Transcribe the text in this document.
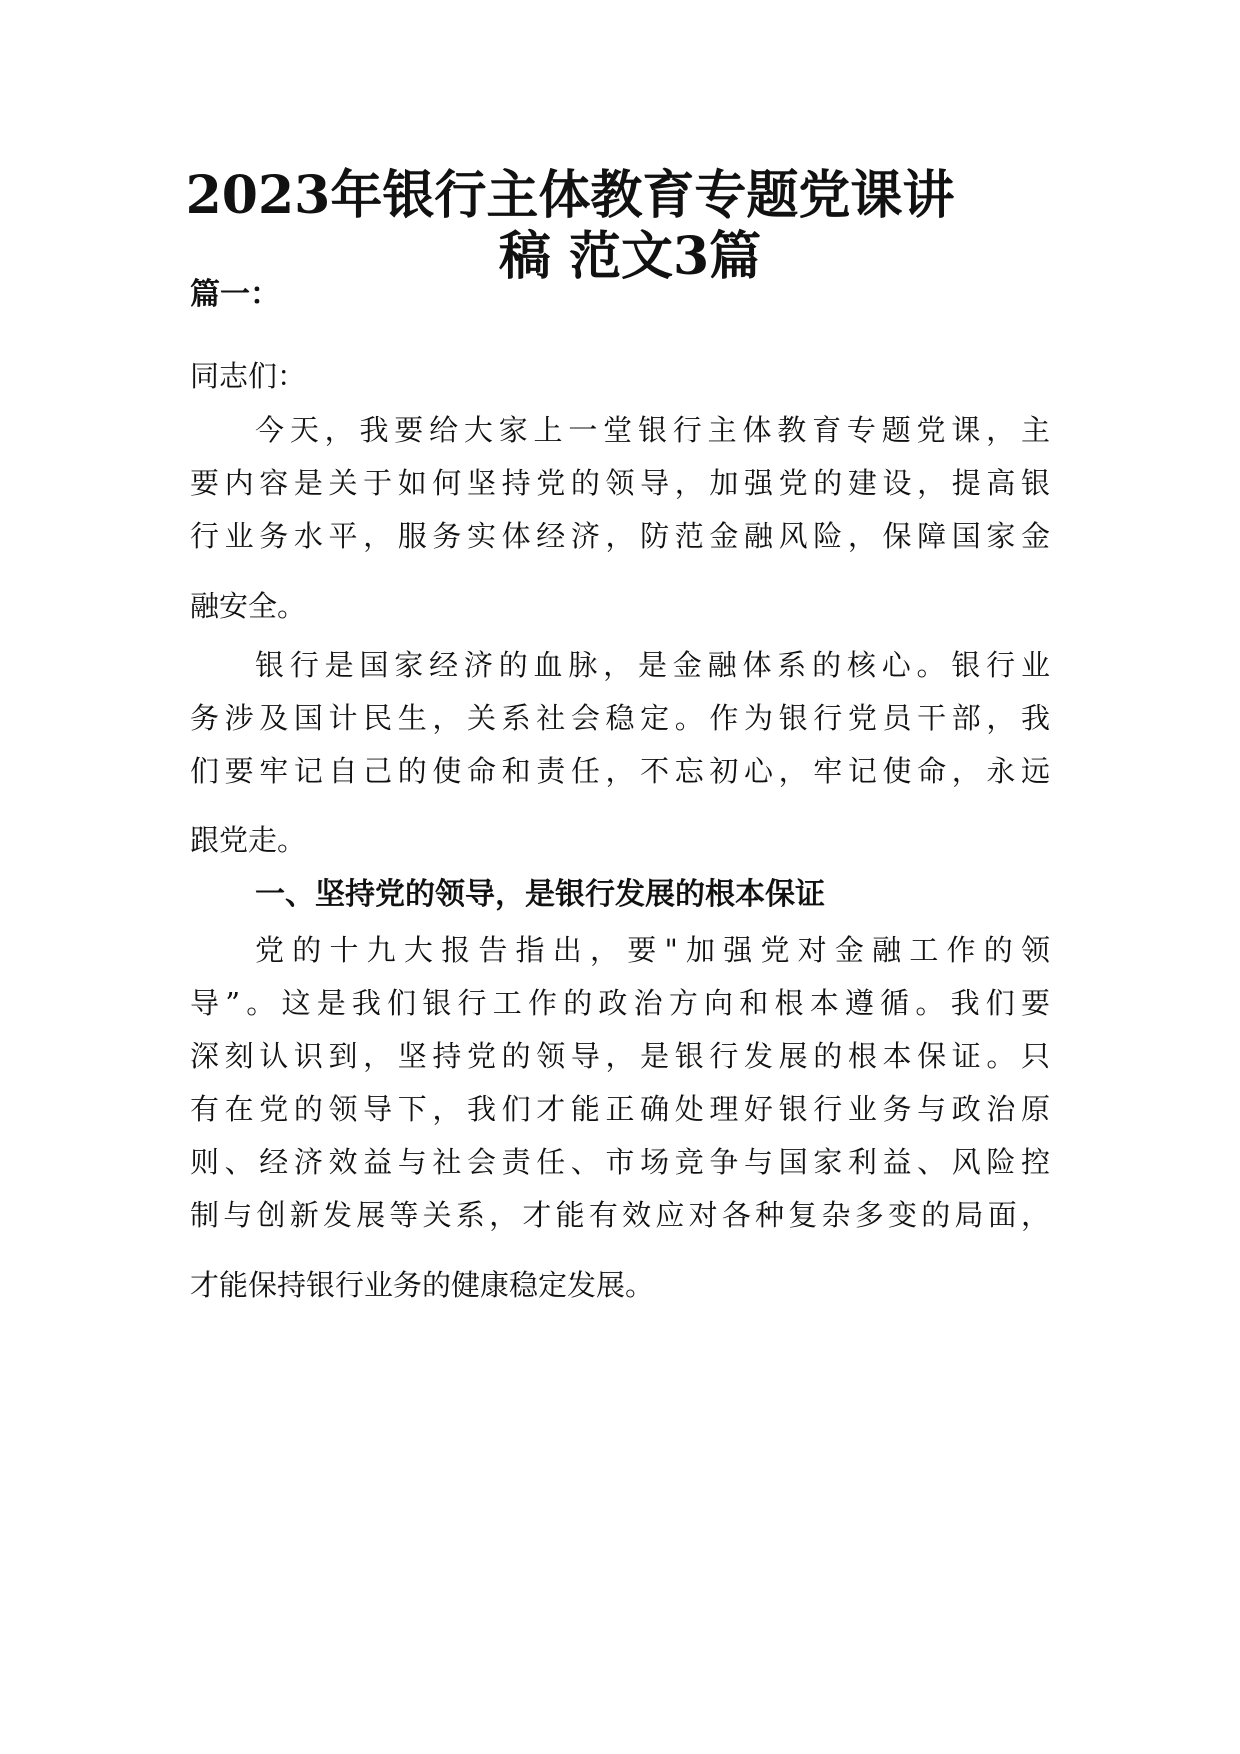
2023年银行主体教育专题党课讲
稿 范文3篇
篇一：
同志们：
今天，我要给大家上一堂银行主体教育专题党课，主
要内容是关于如何坚持党的领导，加强党的建设，提高银
行业务水平，服务实体经济，防范金融风险，保障国家金
融安全。
银行是国家经济的血脉，是金融体系的核心。银行业
务涉及国计民生，关系社会稳定。作为银行党员干部，我
们要牢记自己的使命和责任，不忘初心，牢记使命，永远
跟党走。
一、坚持党的领导，是银行发展的根本保证
党的十九大报告指出，要"加强党对金融工作的领
导”。这是我们银行工作的政治方向和根本遵循。我们要
深刻认识到，坚持党的领导，是银行发展的根本保证。只
有在党的领导下，我们才能正确处理好银行业务与政治原
则、经济效益与社会责任、市场竞争与国家利益、风险控
制与创新发展等关系，才能有效应对各种复杂多变的局面，
才能保持银行业务的健康稳定发展。
